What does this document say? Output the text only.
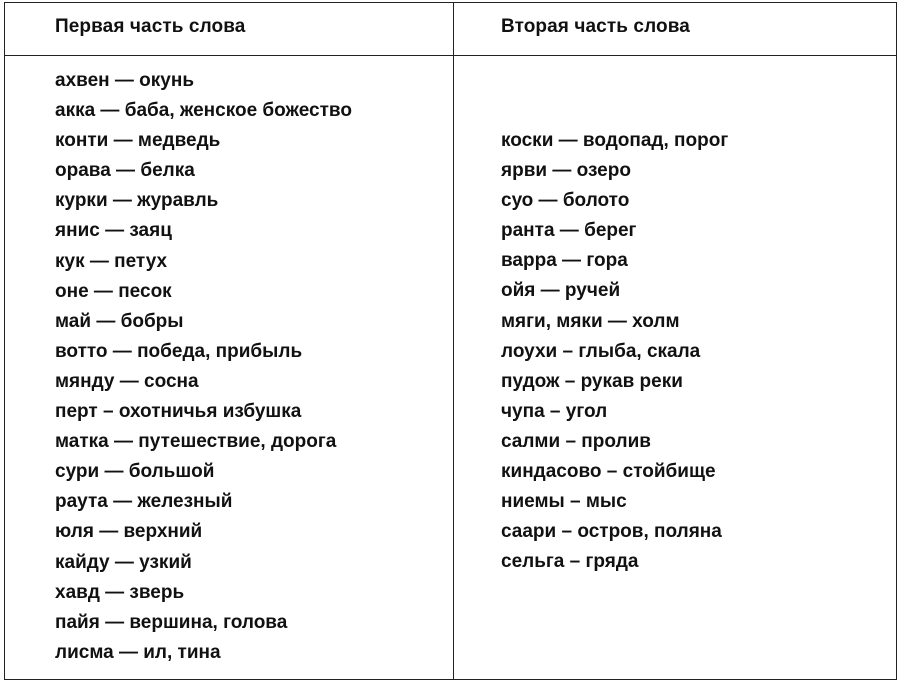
Первая часть слова	Вторая часть слова
ахвен — окунь
акка — баба, женское божество
конти — медведь
орава — белка
курки — журавль
янис — заяц
кук — петух
оне — песок
май — бобры
вотто — победа, прибыль
мянду — сосна
перт – охотничья избушка
матка — путешествие, дорога
сури — большой
раута — железный
юля — верхний
кайду — узкий
хавд — зверь
пайя — вершина, голова
лисма — ил, тина
коски — водопад, порог
ярви — озеро
суо — болото
ранта — берег
варра — гора
ойя — ручей
мяги, мяки — холм
лоухи – глыба, скала
пудож – рукав реки
чупа – угол
салми – пролив
киндасово – стойбище
ниемы – мыс
саари – остров, поляна
сельга – гряда
